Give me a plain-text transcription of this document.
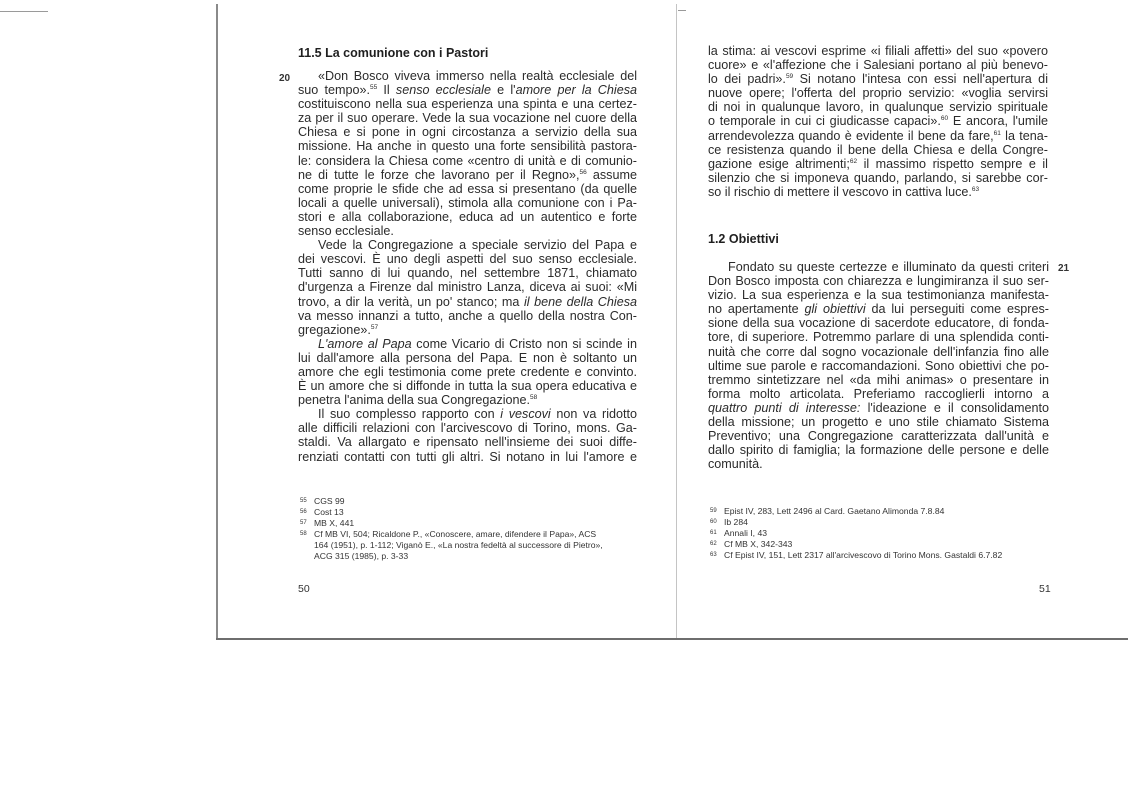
11.5 La comunione con i Pastori
20	«Don Bosco viveva immerso nella realtà ecclesiale del
suo tempo».$^{55}$ Il senso ecclesiale e l'amore per la Chiesa
costituiscono nella sua esperienza una spinta e una certez-
za per il suo operare. Vede la sua vocazione nel cuore della
Chiesa e si pone in ogni circostanza a servizio della sua
missione. Ha anche in questo una forte sensibilità pastora-
le: considera la Chiesa come «centro di unità e di comunio-
ne di tutte le forze che lavorano per il Regno»,$^{56}$ assume
come proprie le sfide che ad essa si presentano (da quelle
locali a quelle universali), stimola alla comunione con i Pa-
stori e alla collaborazione, educa ad un autentico e forte
senso ecclesiale.
Vede la Congregazione a speciale servizio del Papa e
dei vescovi. È uno degli aspetti del suo senso ecclesiale.
Tutti sanno di lui quando, nel settembre 1871, chiamato
d'urgenza a Firenze dal ministro Lanza, diceva ai suoi: «Mi
trovo, a dir la verità, un po' stanco; ma il bene della Chiesa
va messo innanzi a tutto, anche a quello della nostra Con-
gregazione».$^{57}$
L'amore al Papa come Vicario di Cristo non si scinde in
lui dall'amore alla persona del Papa. E non è soltanto un
amore che egli testimonia come prete credente e convinto.
È un amore che si diffonde in tutta la sua opera educativa e
penetra l'anima della sua Congregazione.$^{58}$
Il suo complesso rapporto con i vescovi non va ridotto
alle difficili relazioni con l'arcivescovo di Torino, mons. Ga-
staldi. Va allargato e ripensato nell'insieme dei suoi diffe-
renziati contatti con tutti gli altri. Si notano in lui l'amore e
55 CGS 99
56 Cost 13
57 MB X, 441
58 Cf MB VI, 504; Ricaldone P., «Conoscere, amare, difendere il Papa», ACS
164 (1951), p. 1-112; Viganò E., «La nostra fedeltà al successore di Pietro»,
ACG 315 (1985), p. 3-33
50
la stima: ai vescovi esprime «i filiali affetti» del suo «povero
cuore» e «l'affezione che i Salesiani portano al più benevo-
lo dei padri».$^{59}$ Si notano l'intesa con essi nell'apertura di
nuove opere; l'offerta del proprio servizio: «voglia servirsi
di noi in qualunque lavoro, in qualunque servizio spirituale
o temporale in cui ci giudicasse capaci».$^{60}$ E ancora, l'umile
arrendevolezza quando è evidente il bene da fare,$^{61}$ la tena-
ce resistenza quando il bene della Chiesa e della Congre-
gazione esige altrimenti;$^{62}$ il massimo rispetto sempre e il
silenzio che si imponeva quando, parlando, si sarebbe cor-
so il rischio di mettere il vescovo in cattiva luce.$^{63}$
1.2 Obiettivi
21
Fondato su queste certezze e illuminato da questi criteri
Don Bosco imposta con chiarezza e lungimiranza il suo ser-
vizio. La sua esperienza e la sua testimonianza manifesta-
no apertamente gli obiettivi da lui perseguiti come espres-
sione della sua vocazione di sacerdote educatore, di fonda-
tore, di superiore. Potremmo parlare di una splendida conti-
nuità che corre dal sogno vocazionale dell'infanzia fino alle
ultime sue parole e raccomandazioni. Sono obiettivi che po-
tremmo sintetizzare nel «da mihi animas» o presentare in
forma molto articolata. Preferiamo raccoglierli intorno a
quattro punti di interesse: l'ideazione e il consolidamento
della missione; un progetto e uno stile chiamato Sistema
Preventivo; una Congregazione caratterizzata dall'unità e
dallo spirito di famiglia; la formazione delle persone e delle
comunità.
59 Epist IV, 283, Lett 2496 al Card. Gaetano Alimonda 7.8.84
60 Ib 284
61 Annali I, 43
62 Cf MB X, 342-343
63 Cf Epist IV, 151, Lett 2317 all'arcivescovo di Torino Mons. Gastaldi 6.7.82
51
